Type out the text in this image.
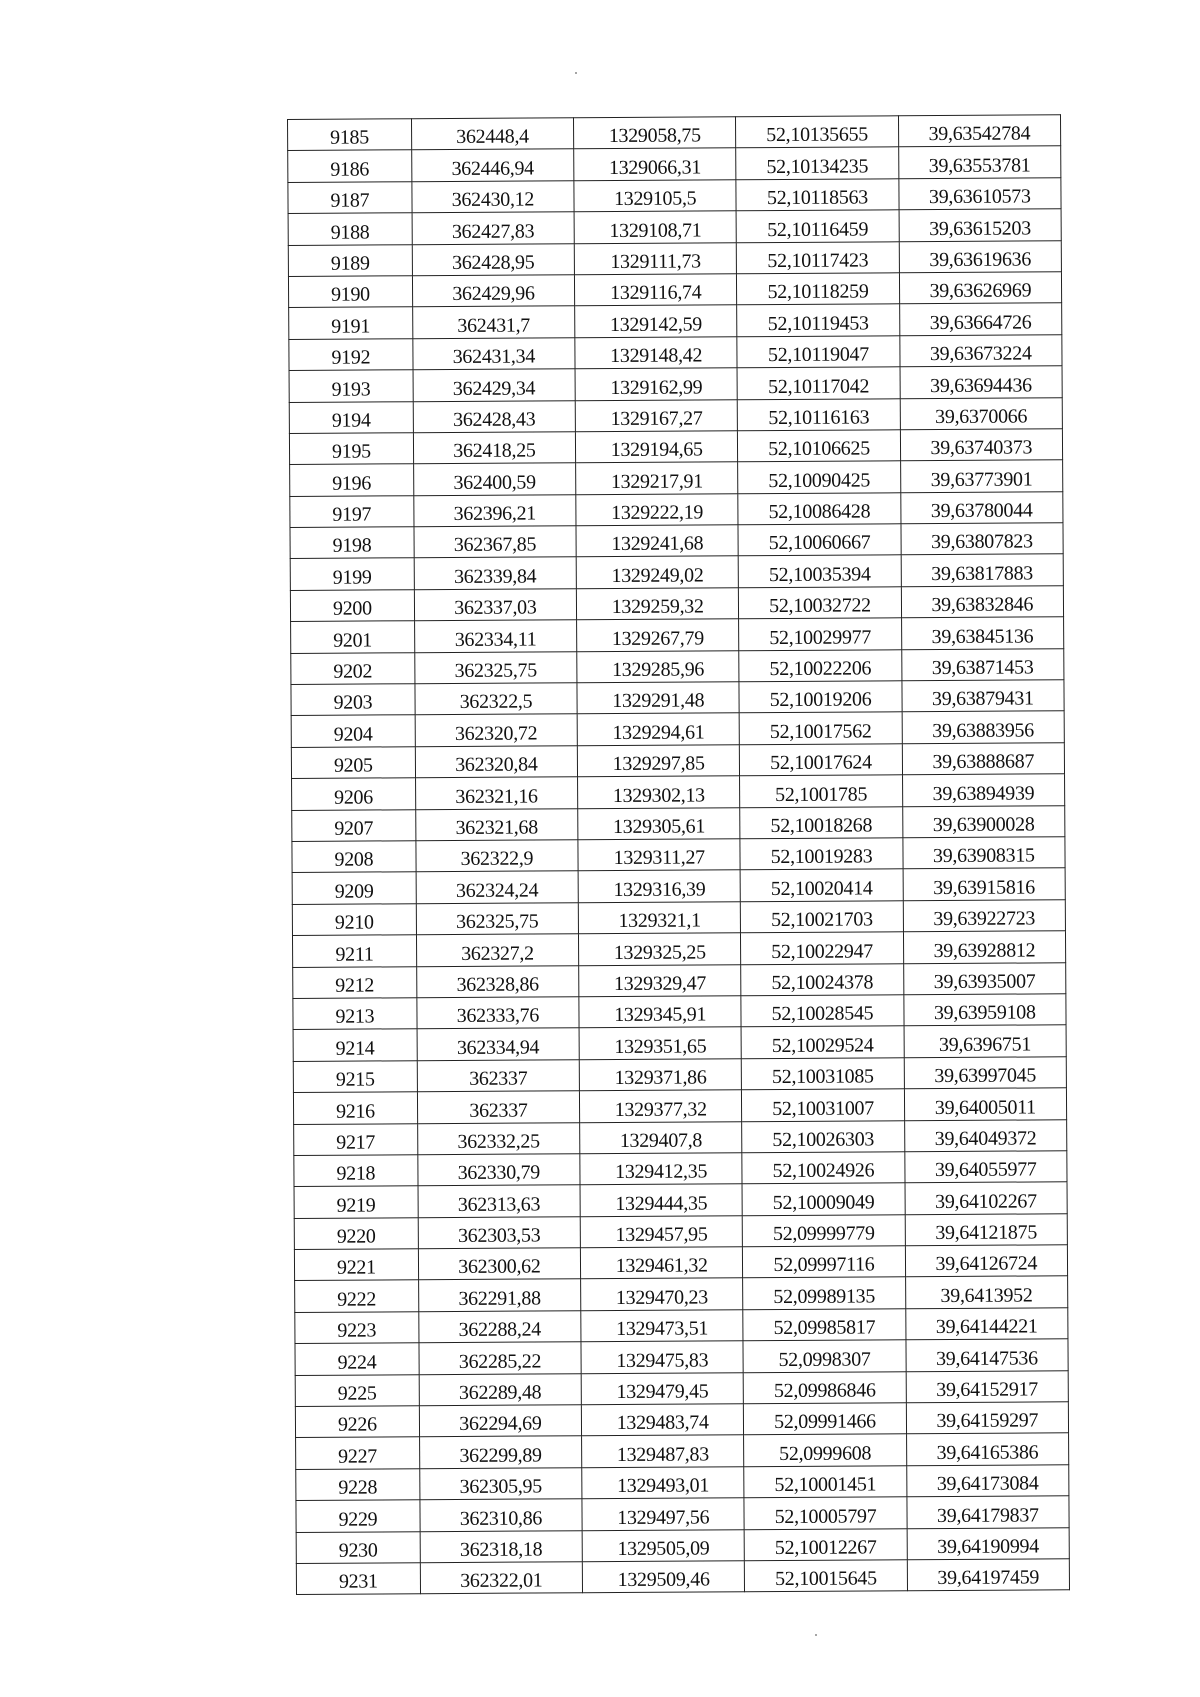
9185	362448,4	1329058,75	52,10135655	39,63542784
9186	362446,94	1329066,31	52,10134235	39,63553781
9187	362430,12	1329105,5	52,10118563	39,63610573
9188	362427,83	1329108,71	52,10116459	39,63615203
9189	362428,95	1329111,73	52,10117423	39,63619636
9190	362429,96	1329116,74	52,10118259	39,63626969
9191	362431,7	1329142,59	52,10119453	39,63664726
9192	362431,34	1329148,42	52,10119047	39,63673224
9193	362429,34	1329162,99	52,10117042	39,63694436
9194	362428,43	1329167,27	52,10116163	39,6370066
9195	362418,25	1329194,65	52,10106625	39,63740373
9196	362400,59	1329217,91	52,10090425	39,63773901
9197	362396,21	1329222,19	52,10086428	39,63780044
9198	362367,85	1329241,68	52,10060667	39,63807823
9199	362339,84	1329249,02	52,10035394	39,63817883
9200	362337,03	1329259,32	52,10032722	39,63832846
9201	362334,11	1329267,79	52,10029977	39,63845136
9202	362325,75	1329285,96	52,10022206	39,63871453
9203	362322,5	1329291,48	52,10019206	39,63879431
9204	362320,72	1329294,61	52,10017562	39,63883956
9205	362320,84	1329297,85	52,10017624	39,63888687
9206	362321,16	1329302,13	52,1001785	39,63894939
9207	362321,68	1329305,61	52,10018268	39,63900028
9208	362322,9	1329311,27	52,10019283	39,63908315
9209	362324,24	1329316,39	52,10020414	39,63915816
9210	362325,75	1329321,1	52,10021703	39,63922723
9211	362327,2	1329325,25	52,10022947	39,63928812
9212	362328,86	1329329,47	52,10024378	39,63935007
9213	362333,76	1329345,91	52,10028545	39,63959108
9214	362334,94	1329351,65	52,10029524	39,6396751
9215	362337	1329371,86	52,10031085	39,63997045
9216	362337	1329377,32	52,10031007	39,64005011
9217	362332,25	1329407,8	52,10026303	39,64049372
9218	362330,79	1329412,35	52,10024926	39,64055977
9219	362313,63	1329444,35	52,10009049	39,64102267
9220	362303,53	1329457,95	52,09999779	39,64121875
9221	362300,62	1329461,32	52,09997116	39,64126724
9222	362291,88	1329470,23	52,09989135	39,6413952
9223	362288,24	1329473,51	52,09985817	39,64144221
9224	362285,22	1329475,83	52,0998307	39,64147536
9225	362289,48	1329479,45	52,09986846	39,64152917
9226	362294,69	1329483,74	52,09991466	39,64159297
9227	362299,89	1329487,83	52,0999608	39,64165386
9228	362305,95	1329493,01	52,10001451	39,64173084
9229	362310,86	1329497,56	52,10005797	39,64179837
9230	362318,18	1329505,09	52,10012267	39,64190994
9231	362322,01	1329509,46	52,10015645	39,64197459
